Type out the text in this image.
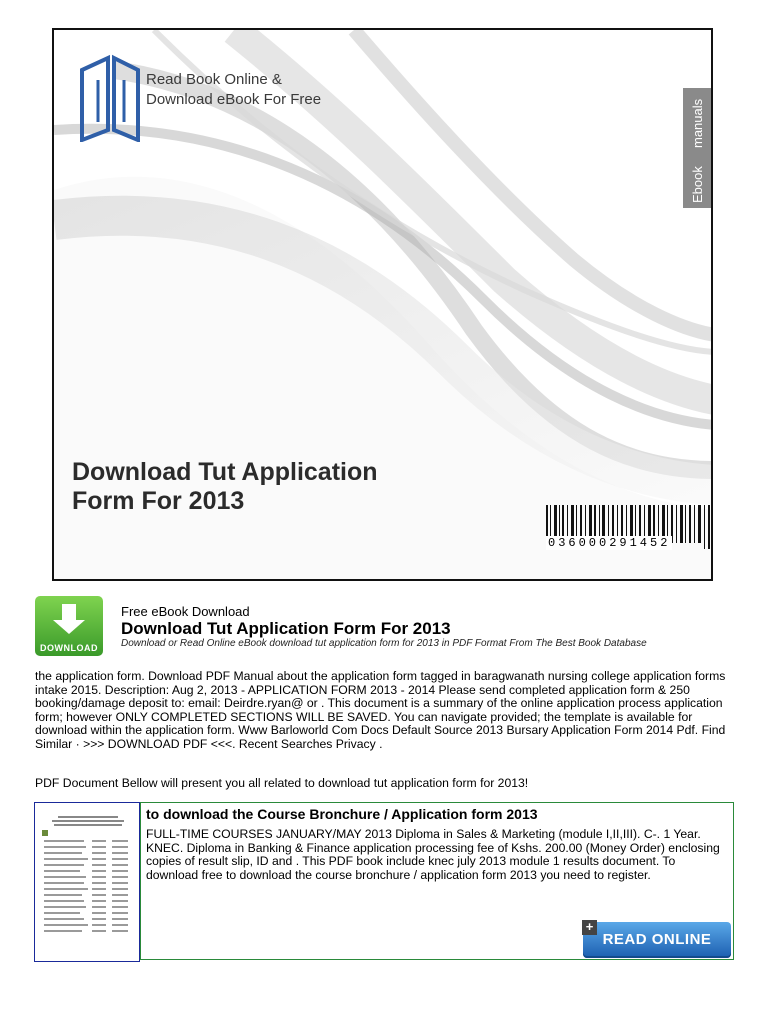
Read Book Online &
Download eBook For Free	manuals
Ebook
Download Tut Application
Form For 2013
036000291452
DOWNLOAD
Free eBook Download
Download Tut Application Form For 2013
Download or Read Online eBook download tut application form for 2013 in PDF Format From The Best Book Database
the application form. Download PDF Manual about the application form tagged in baragwanath nursing college application forms intake 2015. Description: Aug 2, 2013 - APPLICATION FORM 2013 - 2014 Please send completed application form & 250 booking/damage deposit to: email: Deirdre.ryan@ or . This document is a summary of the online application process application form; however ONLY COMPLETED SECTIONS WILL BE SAVED. You can navigate provided; the template is available for download within the application form. Www Barloworld Com Docs Default Source 2013 Bursary Application Form 2014 Pdf. Find Similar · >>> DOWNLOAD PDF <<<. Recent Searches Privacy .
PDF Document Bellow will present you all related to download tut application form for 2013!
to download the Course Bronchure / Application form 2013
FULL-TIME COURSES JANUARY/MAY 2013 Diploma in Sales & Marketing (module I,II,III). C-. 1 Year. KNEC. Diploma in Banking & Finance application processing fee of Kshs. 200.00 (Money Order) enclosing copies of result slip, ID and . This PDF book include knec july 2013 module 1 results document. To download free to download the course bronchure / application form 2013 you need to register.
READ ONLINE
+
